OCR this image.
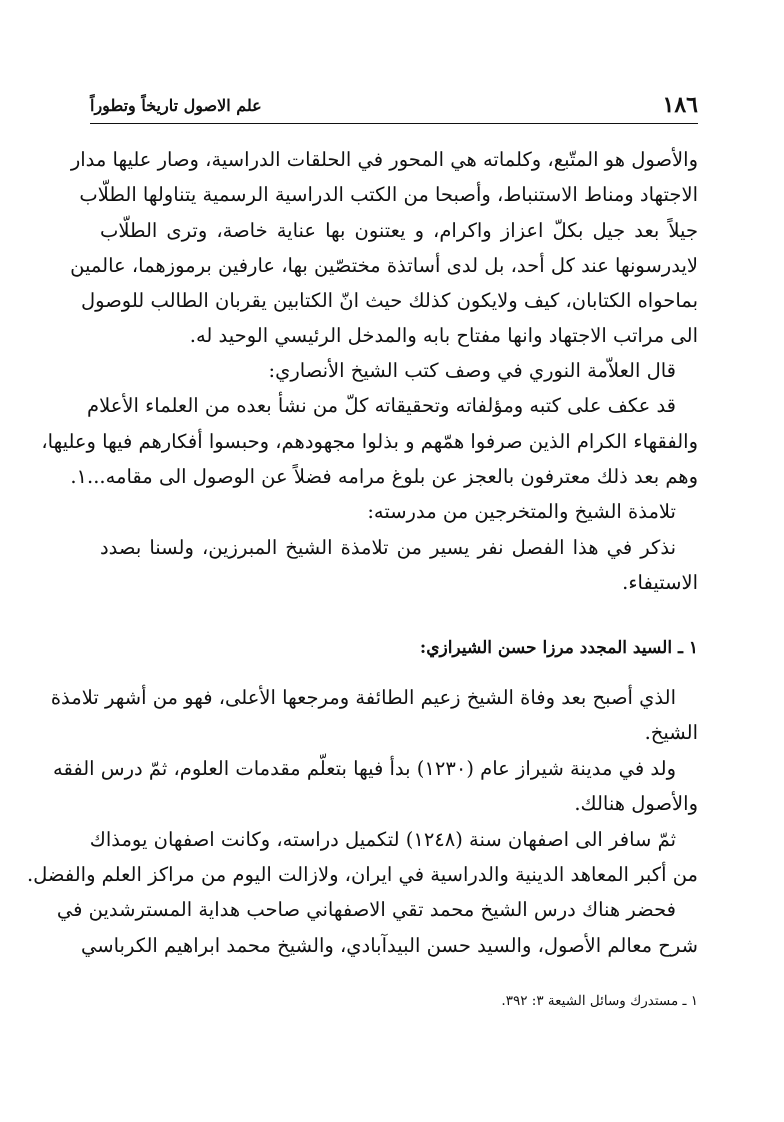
١٨٦
علم الاصول تاريخاً وتطوراً
والأصول هو المتّبع، وكلماته هي المحور في الحلقات الدراسية، وصار عليها مدار
الاجتهاد ومناط الاستنباط، وأصبحا من الكتب الدراسية الرسمية يتناولها الطلّاب
جيلاً بعد جيل بكلّ اعزاز واكرام، و يعتنون بها عناية خاصة، وترى الطلّاب
لايدرسونها عند كل أحد، بل لدى أساتذة مختصّين بها، عارفين برموزهما، عالمين
بماحواه الكتابان، كيف ولايكون كذلك حيث انّ الكتابين يقربان الطالب للوصول
الى مراتب الاجتهاد وانها مفتاح بابه والمدخل الرئيسي الوحيد له.
قال العلاّمة النوري في وصف كتب الشيخ الأنصاري:
قد عكف على كتبه ومؤلفاته وتحقيقاته كلّ من نشأ بعده من العلماء الأعلام
والفقهاء الكرام الذين صرفوا همّهم و بذلوا مجهودهم، وحبسوا أفكارهم فيها وعليها،
وهم بعد ذلك معترفون بالعجز عن بلوغ مرامه فضلاً عن الوصول الى مقامه...١.
تلامذة الشيخ والمتخرجين من مدرسته:
نذكر في هذا الفصل نفر يسير من تلامذة الشيخ المبرزين، ولسنا بصدد
الاستيفاء.
١ ـ السيد المجدد مرزا حسن الشيرازي:
الذي أصبح بعد وفاة الشيخ زعيم الطائفة ومرجعها الأعلى، فهو من أشهر تلامذة
الشيخ.
ولد في مدينة شيراز عام (١٢٣٠) بدأ فيها بتعلّم مقدمات العلوم، ثمّ درس الفقه
والأصول هنالك.
ثمّ سافر الى اصفهان سنة (١٢٤٨) لتكميل دراسته، وكانت اصفهان يومذاك
من أكبر المعاهد الدينية والدراسية في ايران، ولازالت اليوم من مراكز العلم والفضل.
فحضر هناك درس الشيخ محمد تقي الاصفهاني صاحب هداية المسترشدين في
شرح معالم الأصول، والسيد حسن البيدآبادي، والشيخ محمد ابراهيم الكرباسي
١ ـ مستدرك وسائل الشيعة ٣: ٣٩٢.
